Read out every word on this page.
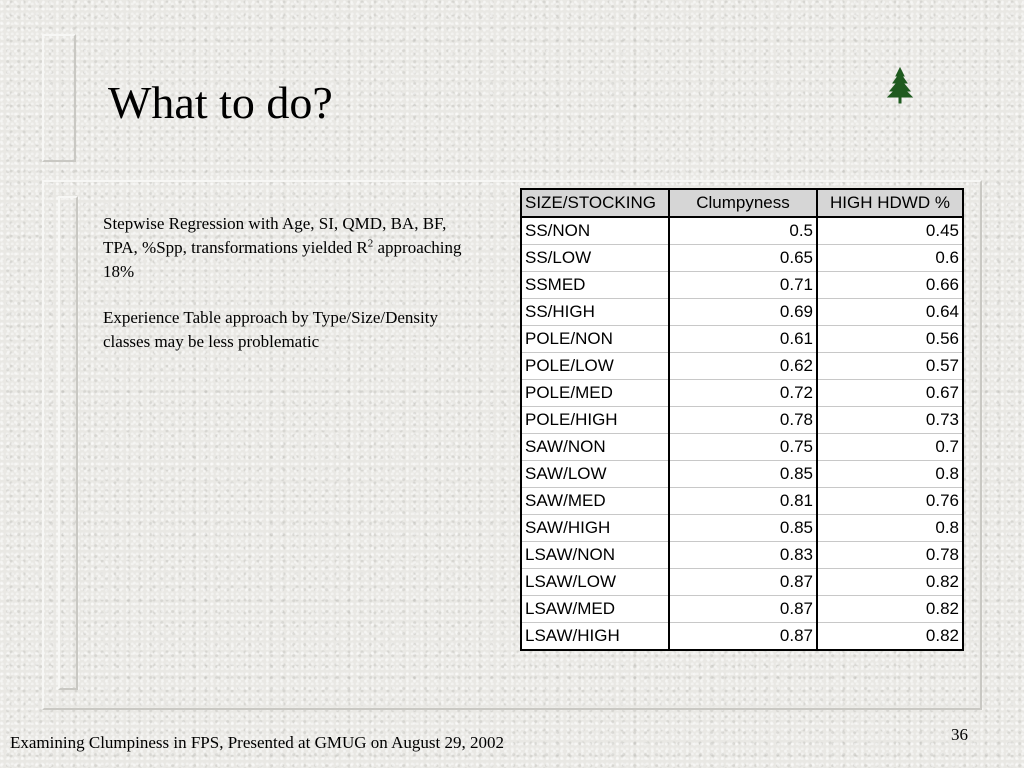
What to do?

Stepwise Regression with Age, SI, QMD, BA, BF, TPA, %Spp, transformations yielded $R^2$ approaching 18%

Experience Table approach by Type/Size/Density classes may be less problematic

SIZE/STOCKING	Clumpyness	HIGH HDWD %
SS/NON	0.5	0.45
SS/LOW	0.65	0.6
SSMED	0.71	0.66
SS/HIGH	0.69	0.64
POLE/NON	0.61	0.56
POLE/LOW	0.62	0.57
POLE/MED	0.72	0.67
POLE/HIGH	0.78	0.73
SAW/NON	0.75	0.7
SAW/LOW	0.85	0.8
SAW/MED	0.81	0.76
SAW/HIGH	0.85	0.8
LSAW/NON	0.83	0.78
LSAW/LOW	0.87	0.82
LSAW/MED	0.87	0.82
LSAW/HIGH	0.87	0.82
Examining Clumpiness in FPS, Presented at GMUG on August 29, 2002	36
